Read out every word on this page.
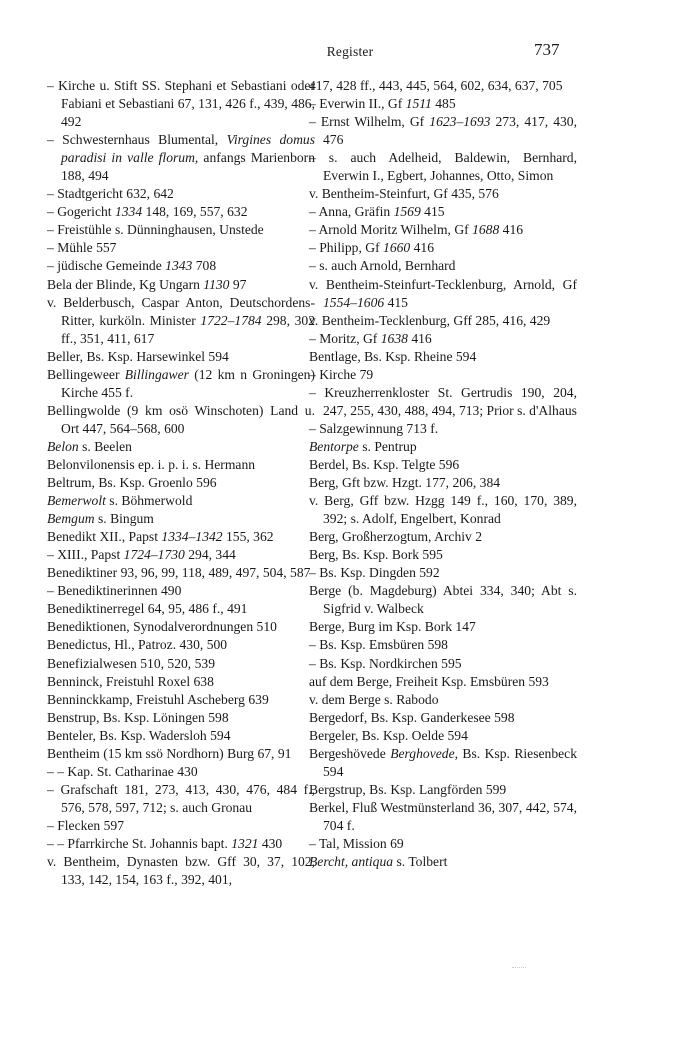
Register	737
– Kirche u. Stift SS. Stephani et Sebastiani oder Fabiani et Sebastiani 67, 131, 426 f., 439, 486, 492
– Schwesternhaus Blumental, Virgines domus paradisi in valle florum, anfangs Marienborn 188, 494
– Stadtgericht 632, 642
– Gogericht 1334 148, 169, 557, 632
– Freistühle s. Dünninghausen, Unstede
– Mühle 557
– jüdische Gemeinde 1343 708
Bela der Blinde, Kg Ungarn 1130 97
v. Belderbusch, Caspar Anton, Deutschordens-Ritter, kurköln. Minister 1722–1784 298, 302 ff., 351, 411, 617
Beller, Bs. Ksp. Harsewinkel 594
Bellingeweer Billingawer (12 km n Groningen) Kirche 455 f.
Bellingwolde (9 km osö Winschoten) Land u. Ort 447, 564–568, 600
Belon s. Beelen
Belonvilonensis ep. i. p. i. s. Hermann
Beltrum, Bs. Ksp. Groenlo 596
Bemerwolt s. Böhmerwold
Bemgum s. Bingum
Benedikt XII., Papst 1334–1342 155, 362
– XIII., Papst 1724–1730 294, 344
Benediktiner 93, 96, 99, 118, 489, 497, 504, 587
– Benediktinerinnen 490
Benediktinerregel 64, 95, 486 f., 491
Benediktionen, Synodalverordnungen 510
Benedictus, Hl., Patroz. 430, 500
Benefizialwesen 510, 520, 539
Benninck, Freistuhl Roxel 638
Benninckkamp, Freistuhl Ascheberg 639
Benstrup, Bs. Ksp. Löningen 598
Benteler, Bs. Ksp. Wadersloh 594
Bentheim (15 km ssö Nordhorn) Burg 67, 91
– – Kap. St. Catharinae 430
– Grafschaft 181, 273, 413, 430, 476, 484 f., 576, 578, 597, 712; s. auch Gronau
– Flecken 597
– – Pfarrkirche St. Johannis bapt. 1321 430
v. Bentheim, Dynasten bzw. Gff 30, 37, 102, 133, 142, 154, 163 f., 392, 401,
417, 428 ff., 443, 445, 564, 602, 634, 637, 705
– Everwin II., Gf 1511 485
– Ernst Wilhelm, Gf 1623–1693 273, 417, 430, 476
– s. auch Adelheid, Baldewin, Bernhard, Everwin I., Egbert, Johannes, Otto, Simon
v. Bentheim-Steinfurt, Gf 435, 576
– Anna, Gräfin 1569 415
– Arnold Moritz Wilhelm, Gf 1688 416
– Philipp, Gf 1660 416
– s. auch Arnold, Bernhard
v. Bentheim-Steinfurt-Tecklenburg, Arnold, Gf 1554–1606 415
v. Bentheim-Tecklenburg, Gff 285, 416, 429
– Moritz, Gf 1638 416
Bentlage, Bs. Ksp. Rheine 594
– Kirche 79
– Kreuzherrenkloster St. Gertrudis 190, 204, 247, 255, 430, 488, 494, 713; Prior s. d'Alhaus
– Salzgewinnung 713 f.
Bentorpe s. Pentrup
Berdel, Bs. Ksp. Telgte 596
Berg, Gft bzw. Hzgt. 177, 206, 384
v. Berg, Gff bzw. Hzgg 149 f., 160, 170, 389, 392; s. Adolf, Engelbert, Konrad
Berg, Großherzogtum, Archiv 2
Berg, Bs. Ksp. Bork 595
– Bs. Ksp. Dingden 592
Berge (b. Magdeburg) Abtei 334, 340; Abt s. Sigfrid v. Walbeck
Berge, Burg im Ksp. Bork 147
– Bs. Ksp. Emsbüren 598
– Bs. Ksp. Nordkirchen 595
auf dem Berge, Freiheit Ksp. Emsbüren 593
v. dem Berge s. Rabodo
Bergedorf, Bs. Ksp. Ganderkesee 598
Bergeler, Bs. Ksp. Oelde 594
Bergeshövede Berghovede, Bs. Ksp. Riesenbeck 594
Bergstrup, Bs. Ksp. Langförden 599
Berkel, Fluß Westmünsterland 36, 307, 442, 574, 704 f.
– Tal, Mission 69
Bercht, antiqua s. Tolbert
